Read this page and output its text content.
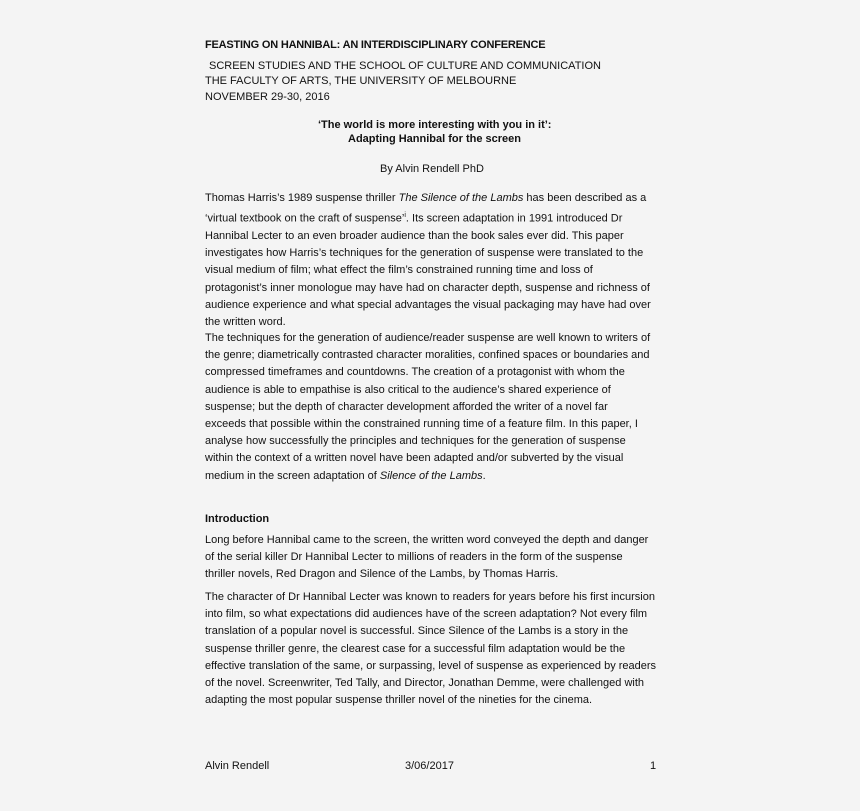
FEASTING ON HANNIBAL: AN INTERDISCIPLINARY CONFERENCE
SCREEN STUDIES AND THE SCHOOL OF CULTURE AND COMMUNICATION
THE FACULTY OF ARTS, THE UNIVERSITY OF MELBOURNE
NOVEMBER 29-30, 2016
‘The world is more interesting with you in it’:
Adapting Hannibal for the screen
By Alvin Rendell PhD
Thomas Harris’s 1989 suspense thriller The Silence of the Lambs has been described as a
‘virtual textbook on the craft of suspense’$^i$. Its screen adaptation in 1991 introduced Dr
Hannibal Lecter to an even broader audience than the book sales ever did. This paper
investigates how Harris’s techniques for the generation of suspense were translated to the
visual medium of film; what effect the film’s constrained running time and loss of
protagonist’s inner monologue may have had on character depth, suspense and richness of
audience experience and what special advantages the visual packaging may have had over
the written word.
The techniques for the generation of audience/reader suspense are well known to writers of
the genre; diametrically contrasted character moralities, confined spaces or boundaries and
compressed timeframes and countdowns. The creation of a protagonist with whom the
audience is able to empathise is also critical to the audience’s shared experience of
suspense; but the depth of character development afforded the writer of a novel far
exceeds that possible within the constrained running time of a feature film. In this paper, I
analyse how successfully the principles and techniques for the generation of suspense
within the context of a written novel have been adapted and/or subverted by the visual
medium in the screen adaptation of Silence of the Lambs.
Introduction
Long before Hannibal came to the screen, the written word conveyed the depth and danger
of the serial killer Dr Hannibal Lecter to millions of readers in the form of the suspense
thriller novels, Red Dragon and Silence of the Lambs, by Thomas Harris.
The character of Dr Hannibal Lecter was known to readers for years before his first incursion
into film, so what expectations did audiences have of the screen adaptation? Not every film
translation of a popular novel is successful. Since Silence of the Lambs is a story in the
suspense thriller genre, the clearest case for a successful film adaptation would be the
effective translation of the same, or surpassing, level of suspense as experienced by readers
of the novel. Screenwriter, Ted Tally, and Director, Jonathan Demme, were challenged with
adapting the most popular suspense thriller novel of the nineties for the cinema.
Alvin Rendell	3/06/2017	1
